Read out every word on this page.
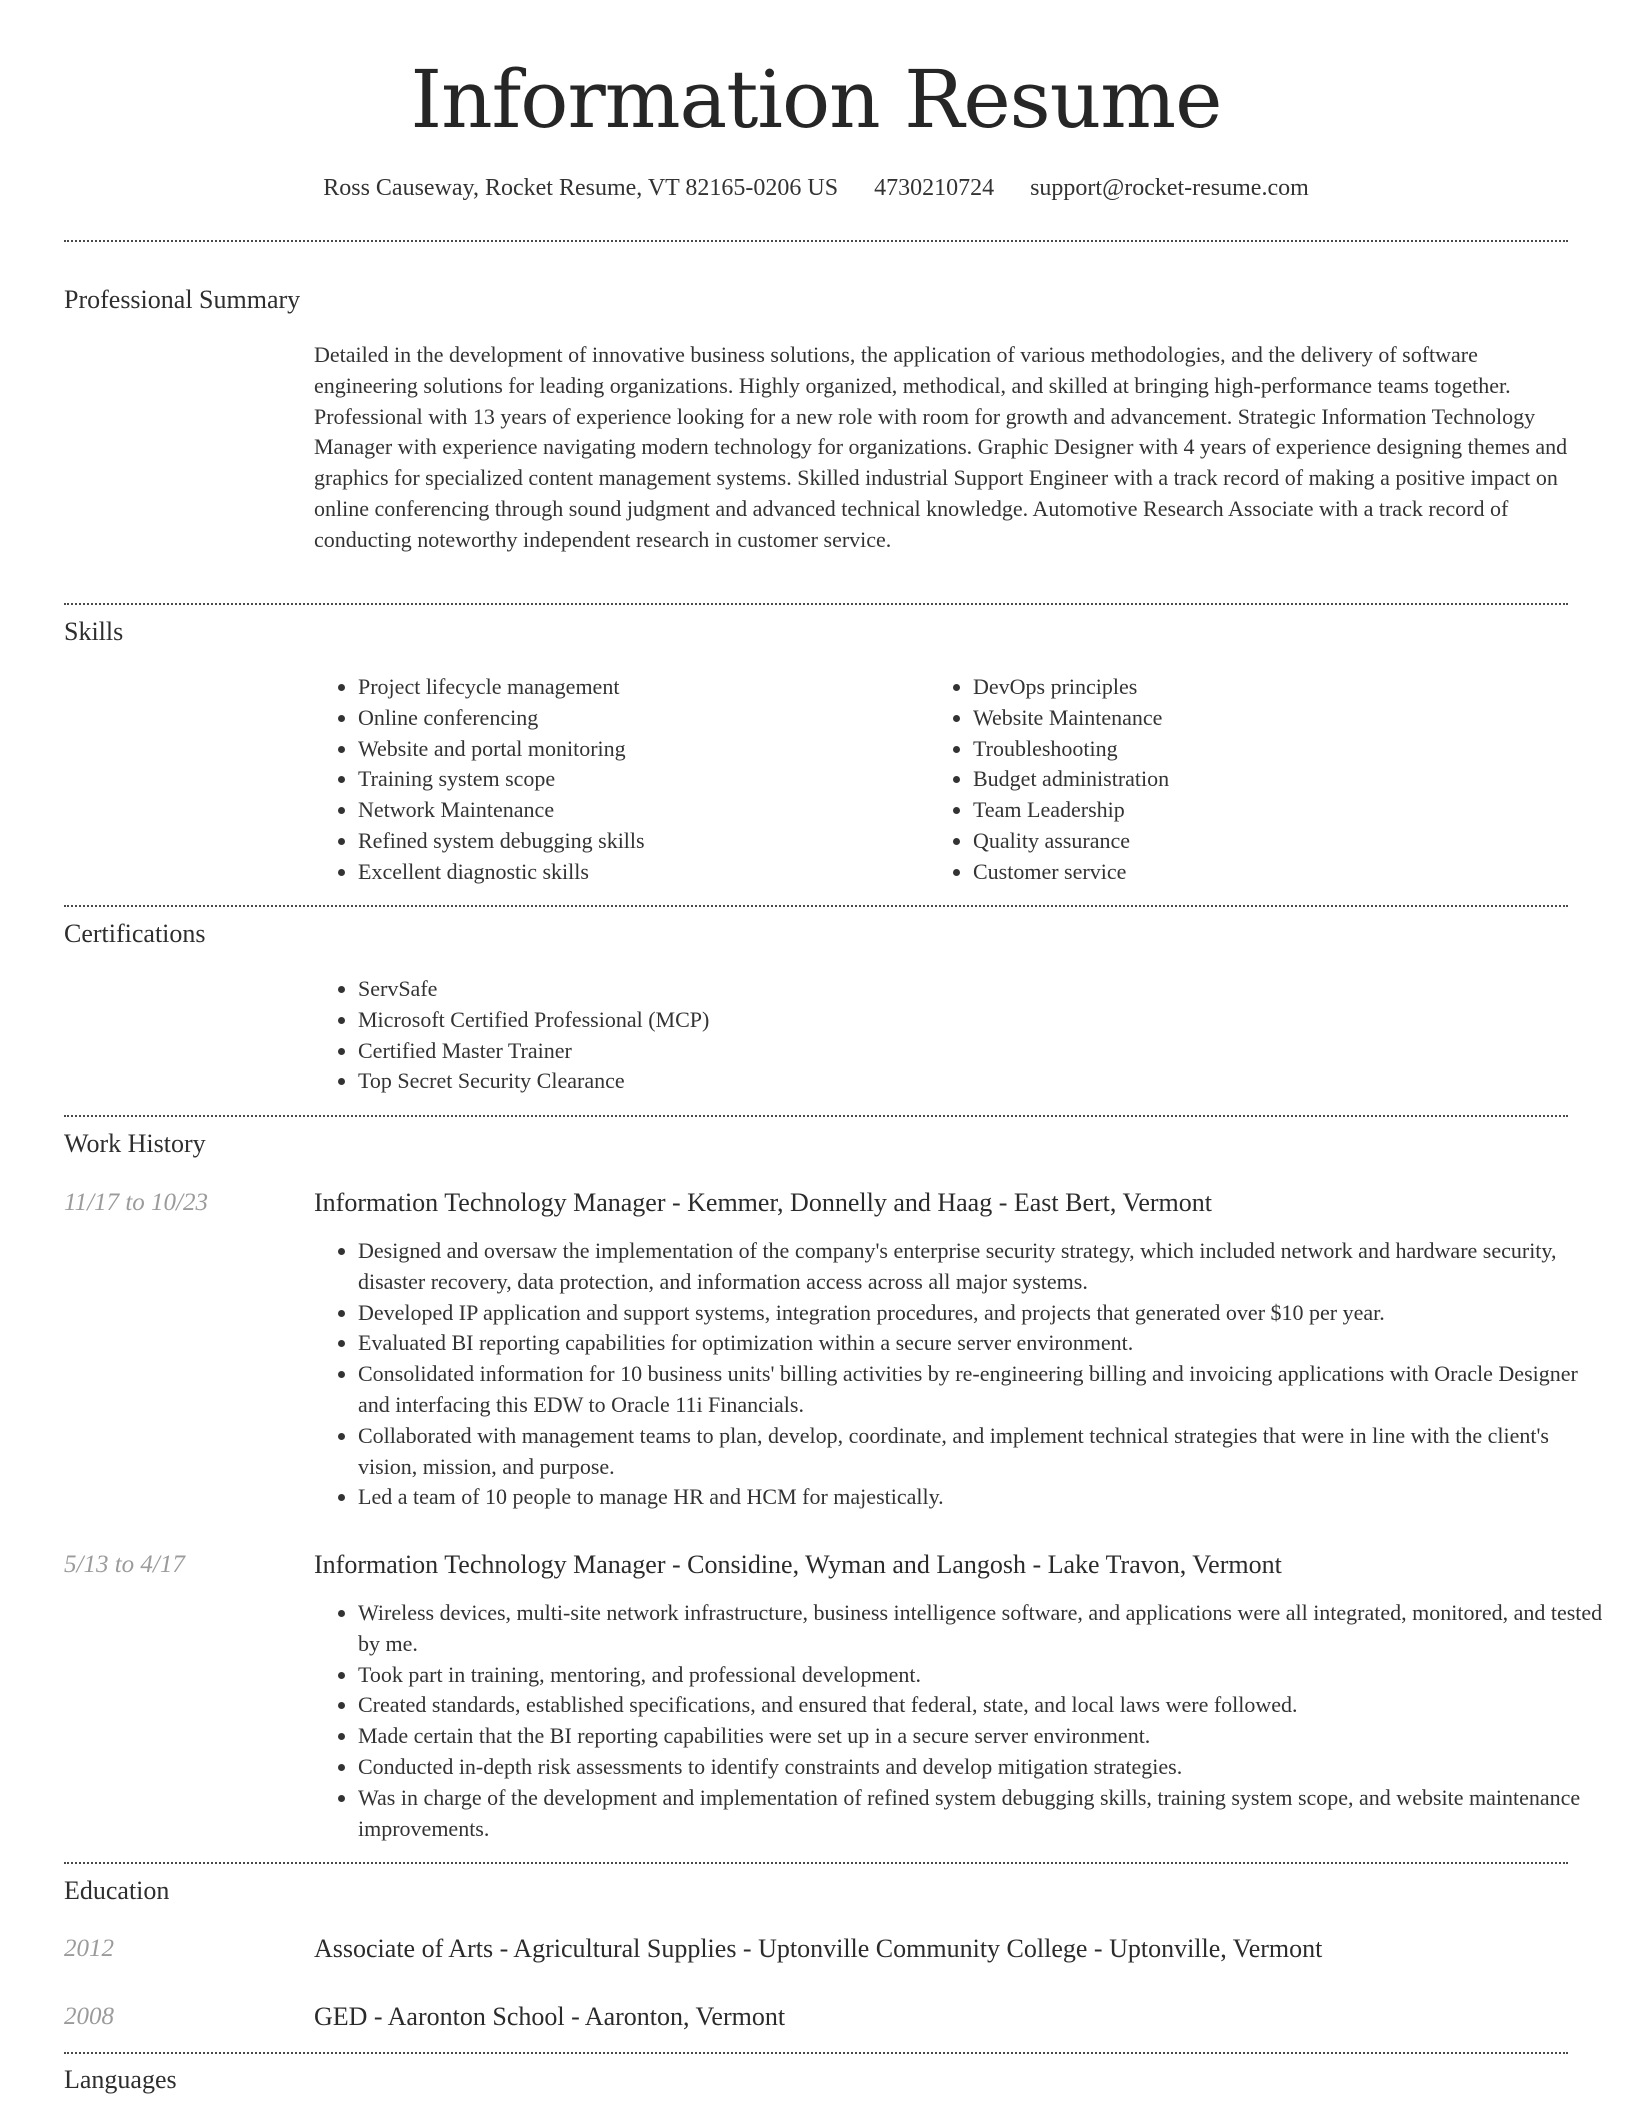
Information Resume
Ross Causeway, Rocket Resume, VT 82165-0206 US 4730210724 support@rocket-resume.com
Professional Summary

Detailed in the development of innovative business solutions, the application of various methodologies, and the delivery of software engineering solutions for leading organizations. Highly organized, methodical, and skilled at bringing high-performance teams together. Professional with 13 years of experience looking for a new role with room for growth and advancement. Strategic Information Technology Manager with experience navigating modern technology for organizations. Graphic Designer with 4 years of experience designing themes and graphics for specialized content management systems. Skilled industrial Support Engineer with a track record of making a positive impact on online conferencing through sound judgment and advanced technical knowledge. Automotive Research Associate with a track record of conducting noteworthy independent research in customer service.

Skills
• Project lifecycle management
• Online conferencing
• Website and portal monitoring
• Training system scope
• Network Maintenance
• Refined system debugging skills
• Excellent diagnostic skills
• DevOps principles
• Website Maintenance
• Troubleshooting
• Budget administration
• Team Leadership
• Quality assurance
• Customer service
Certifications
• ServSafe
• Microsoft Certified Professional (MCP)
• Certified Master Trainer
• Top Secret Security Clearance
Work History
11/17 to 10/23	Information Technology Manager - Kemmer, Donnelly and Haag - East Bert, Vermont
• Designed and oversaw the implementation of the company's enterprise security strategy, which included network and hardware security, disaster recovery, data protection, and information access across all major systems.
• Developed IP application and support systems, integration procedures, and projects that generated over $10 per year.
• Evaluated BI reporting capabilities for optimization within a secure server environment.
• Consolidated information for 10 business units' billing activities by re-engineering billing and invoicing applications with Oracle Designer and interfacing this EDW to Oracle 11i Financials.
• Collaborated with management teams to plan, develop, coordinate, and implement technical strategies that were in line with the client's vision, mission, and purpose.
• Led a team of 10 people to manage HR and HCM for majestically.
5/13 to 4/17	Information Technology Manager - Considine, Wyman and Langosh - Lake Travon, Vermont
• Wireless devices, multi-site network infrastructure, business intelligence software, and applications were all integrated, monitored, and tested by me.
• Took part in training, mentoring, and professional development.
• Created standards, established specifications, and ensured that federal, state, and local laws were followed.
• Made certain that the BI reporting capabilities were set up in a secure server environment.
• Conducted in-depth risk assessments to identify constraints and develop mitigation strategies.
• Was in charge of the development and implementation of refined system debugging skills, training system scope, and website maintenance improvements.
Education
2012	Associate of Arts - Agricultural Supplies - Uptonville Community College - Uptonville, Vermont
2008	GED - Aaronton School - Aaronton, Vermont
Languages
